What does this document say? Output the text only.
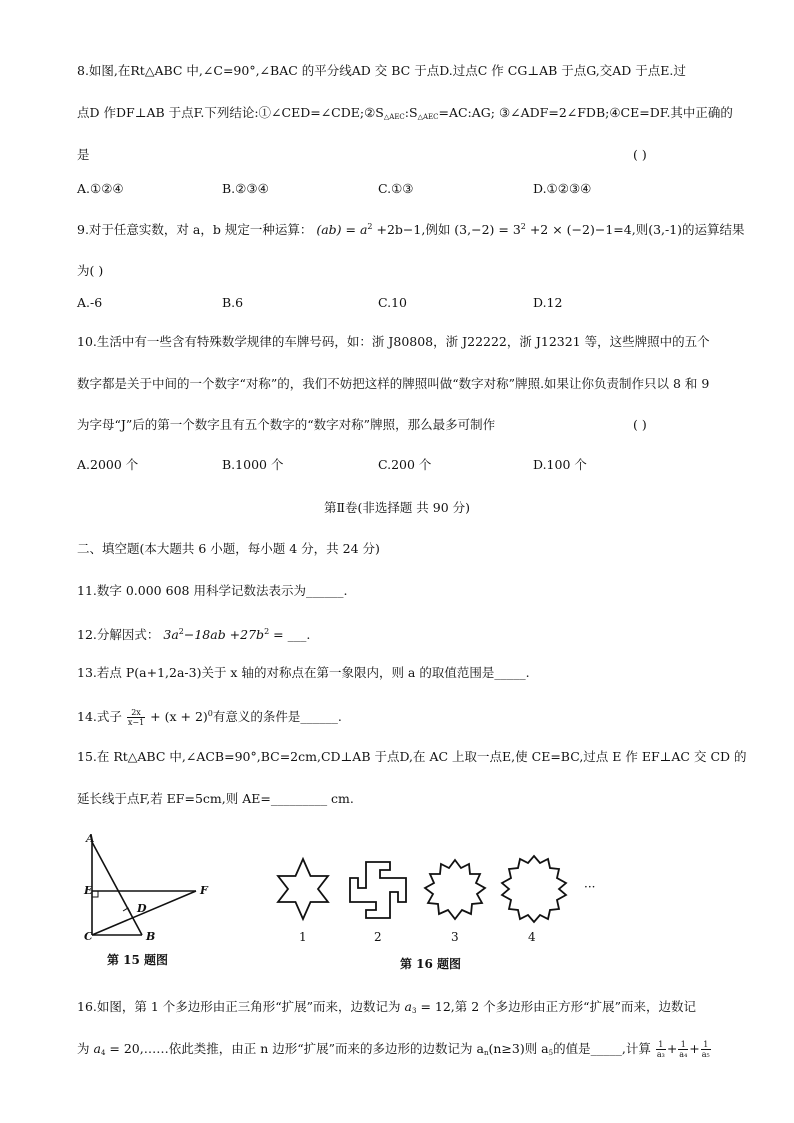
8.如图,在Rt△ABC 中,∠C=90°,∠BAC 的平分线AD 交 BC 于点D.过点C 作 CG⊥AB 于点G,交AD 于点E.过
点D 作DF⊥AB 于点F.下列结论$:①\angle CED=\angle CDE;②S_{\triangle AEC}:S_{\triangle AEC}=AC:AG$; ③∠ADF=2∠FDB;④CE=DF.其中正确的
是	( )
A.①②④	B.②③④	C.①③	D.①②③④
9.对于任意实数，对 a，b 规定一种运算： $(ab) = a^2 +2b-1$,例如 $(3,-2) = 3^2 +2 \times (-2)-1=4$,则(3,-1)的运算结果
为( )
A.-6	B.6	C.10	D.12
10.生活中有一些含有特殊数学规律的车牌号码，如：浙 J80808，浙 J22222，浙 J12321 等，这些牌照中的五个
数字都是关于中间的一个数字“对称”的，我们不妨把这样的牌照叫做“数字对称”牌照.如果让你负责制作只以 8 和 9
为字母“J”后的第一个数字且有五个数字的“数字对称”牌照，那么最多可制作	( )
A.2000 个	B.1000 个	C.200 个	D.100 个
第Ⅱ卷(非选择题 共 90 分)
二、填空题(本大题共 6 小题，每小题 4 分，共 24 分)
11.数字 0.000 608 用科学记数法表示为______.
12.分解因式： $3a^2-18ab +27b^2$ = ___.
13.若点 P(a+1,2a-3)关于 x 轴的对称点在第一象限内，则 a 的取值范围是_____.
14.式子 $\frac{2x}{x-1} + (x + 2)^0$有意义的条件是______.
15.在 Rt△ABC 中,∠ACB=90°,BC=2cm,CD⊥AB 于点D,在 AC 上取一点E,使 CE=BC,过点 E 作 EF⊥AC 交 CD 的
延长线于点F,若 EF=5cm,则 AE=_________ cm.
A
E	F
D
C	B
第 15 题图
···
1	2	3	4
第 16 题图
16.如图，第 1 个多边形由正三角形“扩展”而来，边数记为 $a_3 = 12$,第 2 个多边形由正方形“扩展”而来，边数记
为 $a_4$ = 20,……依此类推，由正 n 边形“扩展”而来的多边形的边数记为 $a_n(n\ge 3)$则 $a_5$的值是_____,计算 $\frac{1}{\text{a₃}} + \frac{1}{\text{a₄}} + \frac{1}{\text{a₅}}$
